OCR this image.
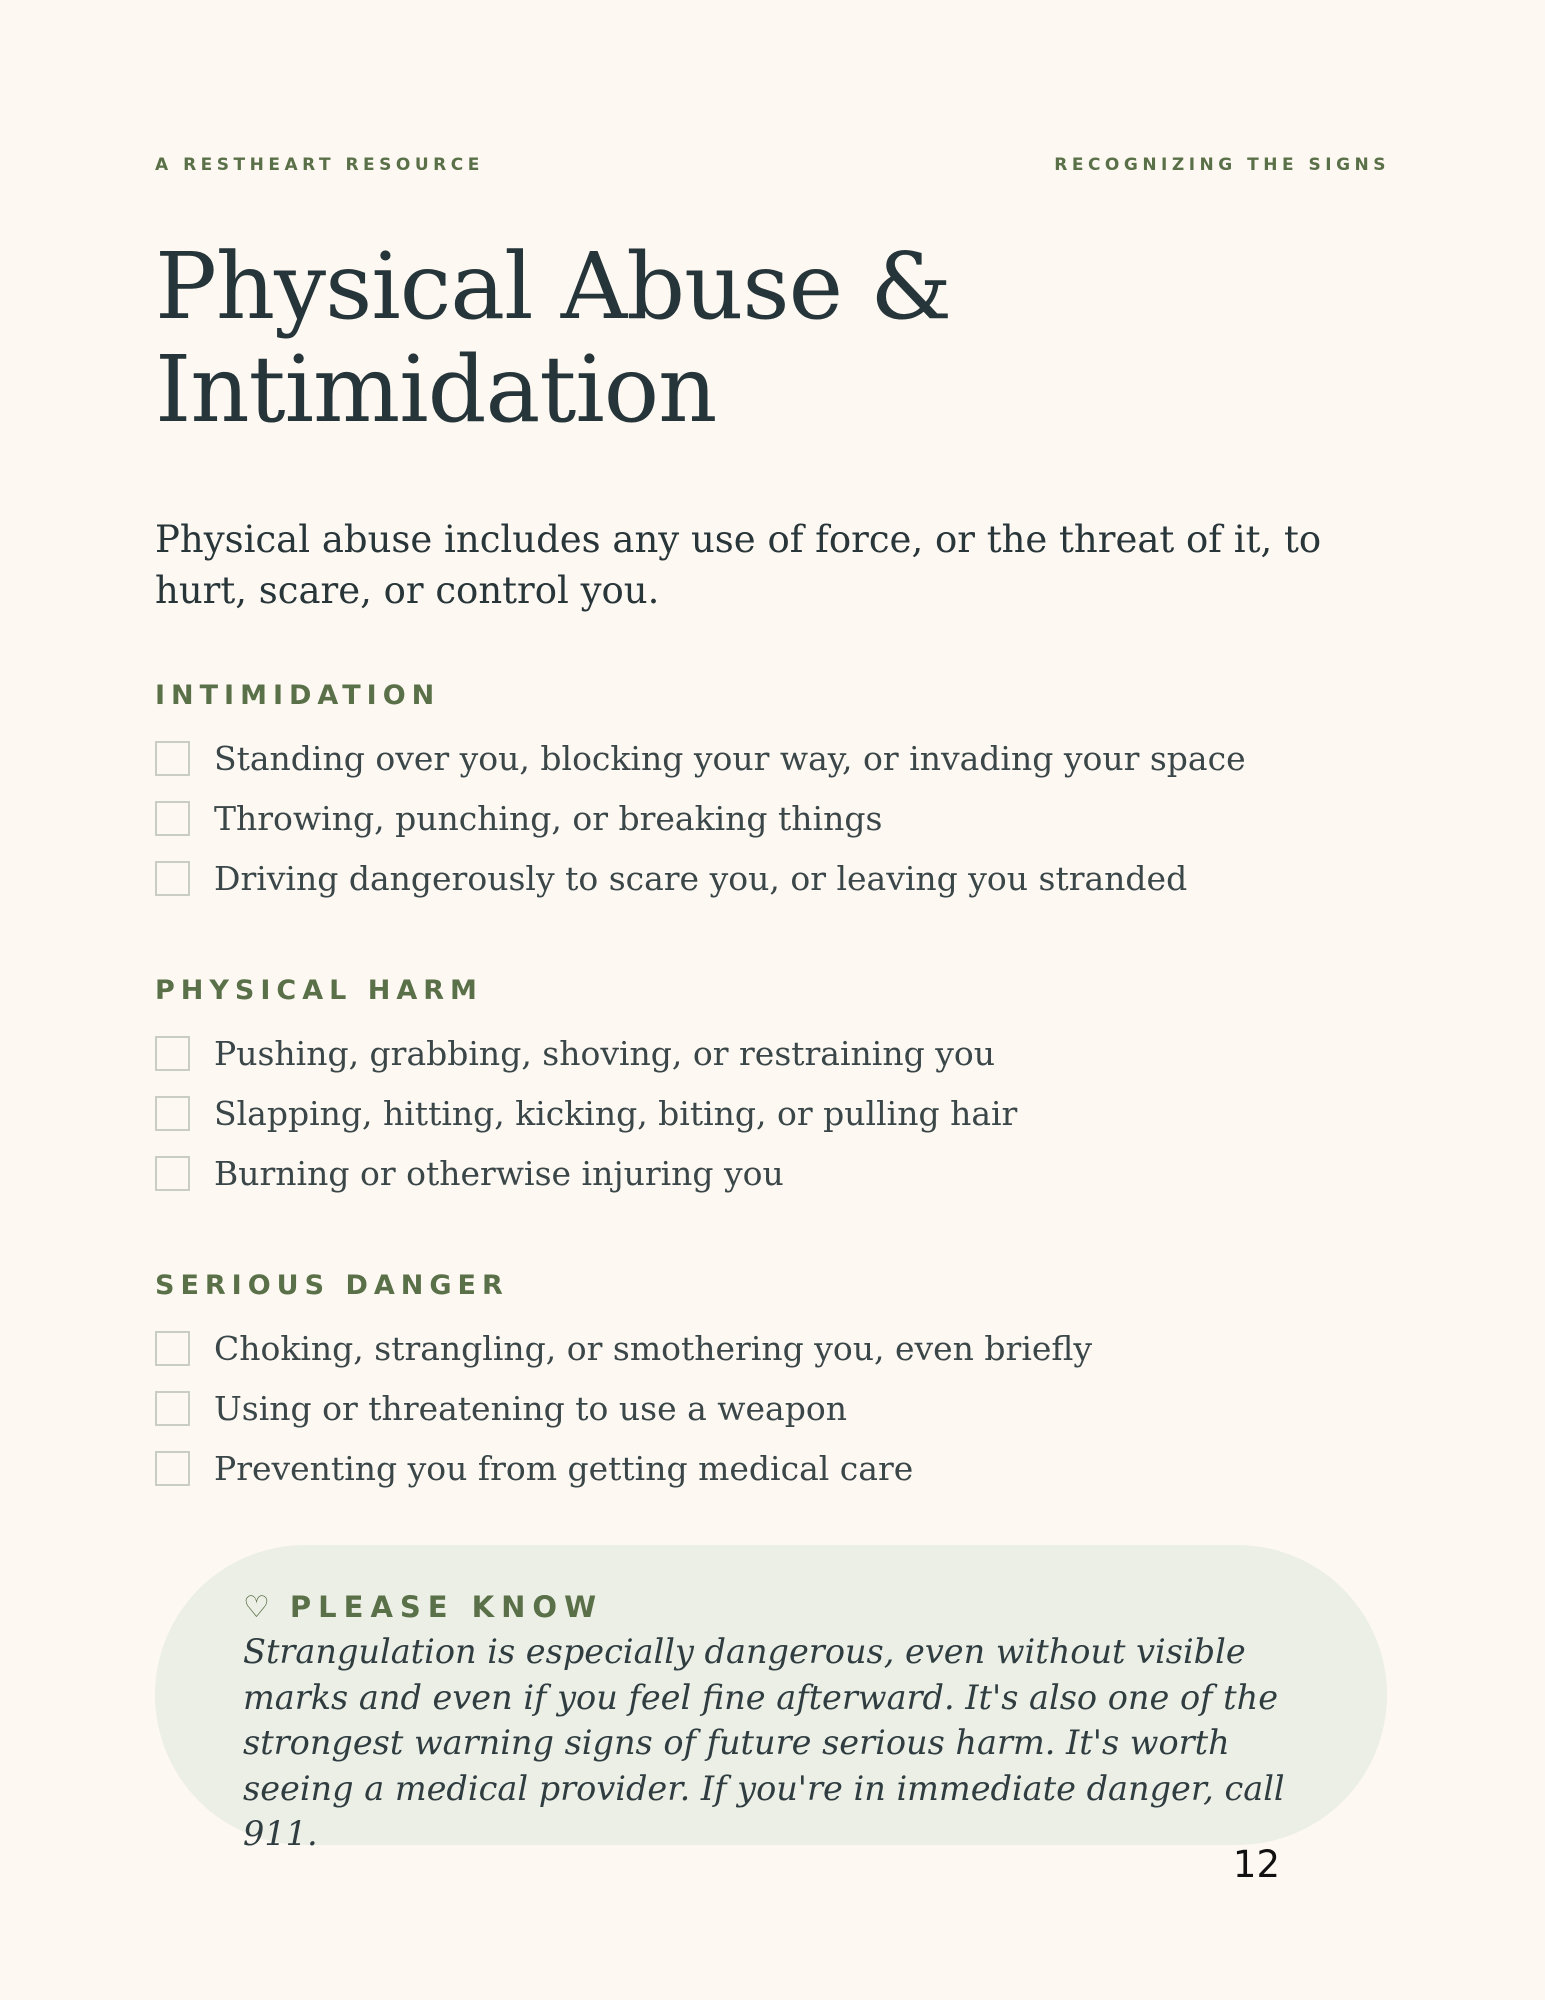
A RESTHEART RESOURCE	RECOGNIZING THE SIGNS
Physical Abuse &
Intimidation

Physical abuse includes any use of force, or the threat of it, to hurt, scare, or control you.

INTIMIDATION
Standing over you, blocking your way, or invading your space
Throwing, punching, or breaking things
Driving dangerously to scare you, or leaving you stranded
PHYSICAL HARM
Pushing, grabbing, shoving, or restraining you
Slapping, hitting, kicking, biting, or pulling hair
Burning or otherwise injuring you
SERIOUS DANGER
Choking, strangling, or smothering you, even briefly
Using or threatening to use a weapon
Preventing you from getting medical care
♡ PLEASE KNOW

Strangulation is especially dangerous, even without visible marks and even if you feel fine afterward. It's also one of the strongest warning signs of future serious harm. It's worth seeing a medical provider. If you're in immediate danger, call 911.

12
